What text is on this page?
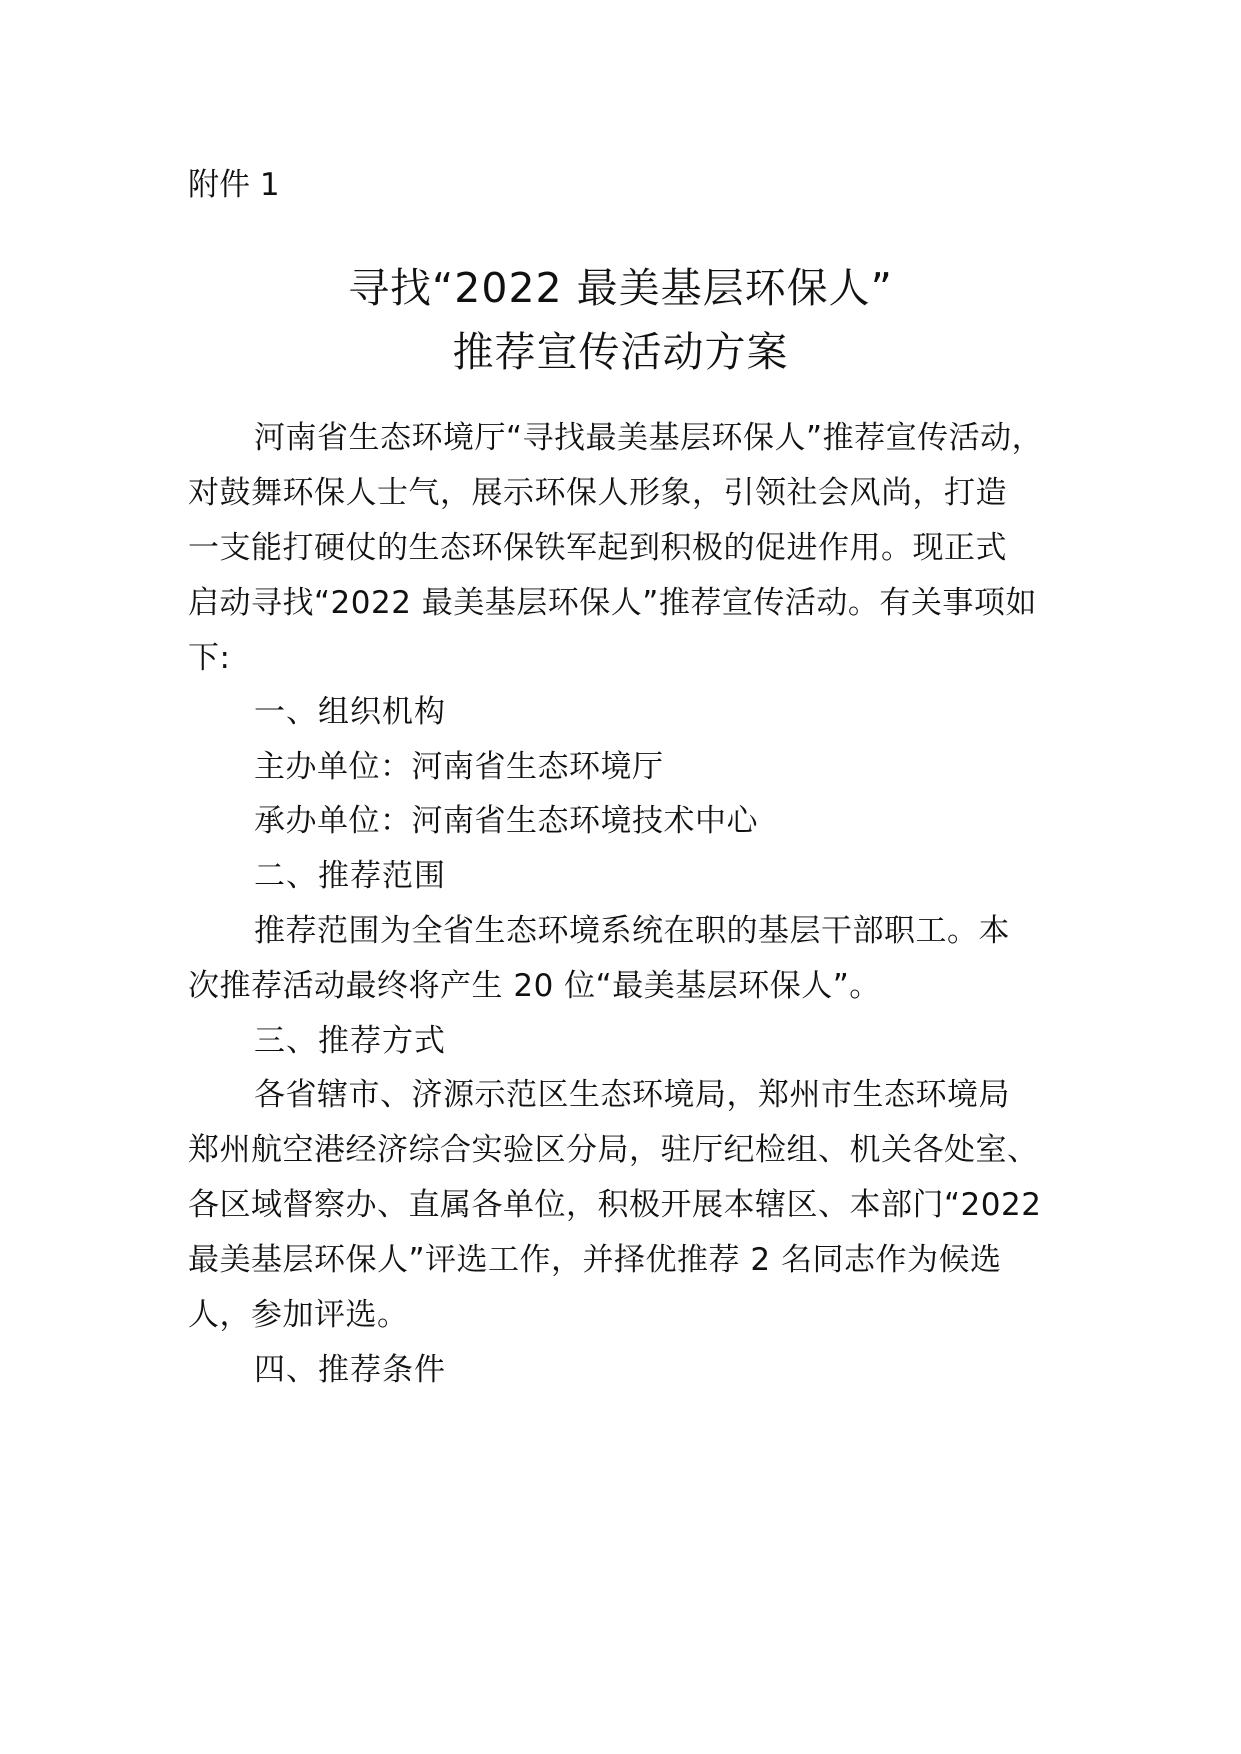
附件 1

寻找“2022 最美基层环保人”
推荐宣传活动方案

河南省生态环境厅“寻找最美基层环保人”推荐宣传活动，

对鼓舞环保人士气，展示环保人形象，引领社会风尚，打造

一支能打硬仗的生态环保铁军起到积极的促进作用。现正式

启动寻找“2022 最美基层环保人”推荐宣传活动。有关事项如

下:

一、组织机构

主办单位：河南省生态环境厅

承办单位：河南省生态环境技术中心

二、推荐范围

推荐范围为全省生态环境系统在职的基层干部职工。本

次推荐活动最终将产生 20 位“最美基层环保人”。

三、推荐方式

各省辖市、济源示范区生态环境局，郑州市生态环境局

郑州航空港经济综合实验区分局，驻厅纪检组、机关各处室、

各区域督察办、直属各单位，积极开展本辖区、本部门“2022

最美基层环保人”评选工作，并择优推荐 2 名同志作为候选

人，参加评选。

四、推荐条件
